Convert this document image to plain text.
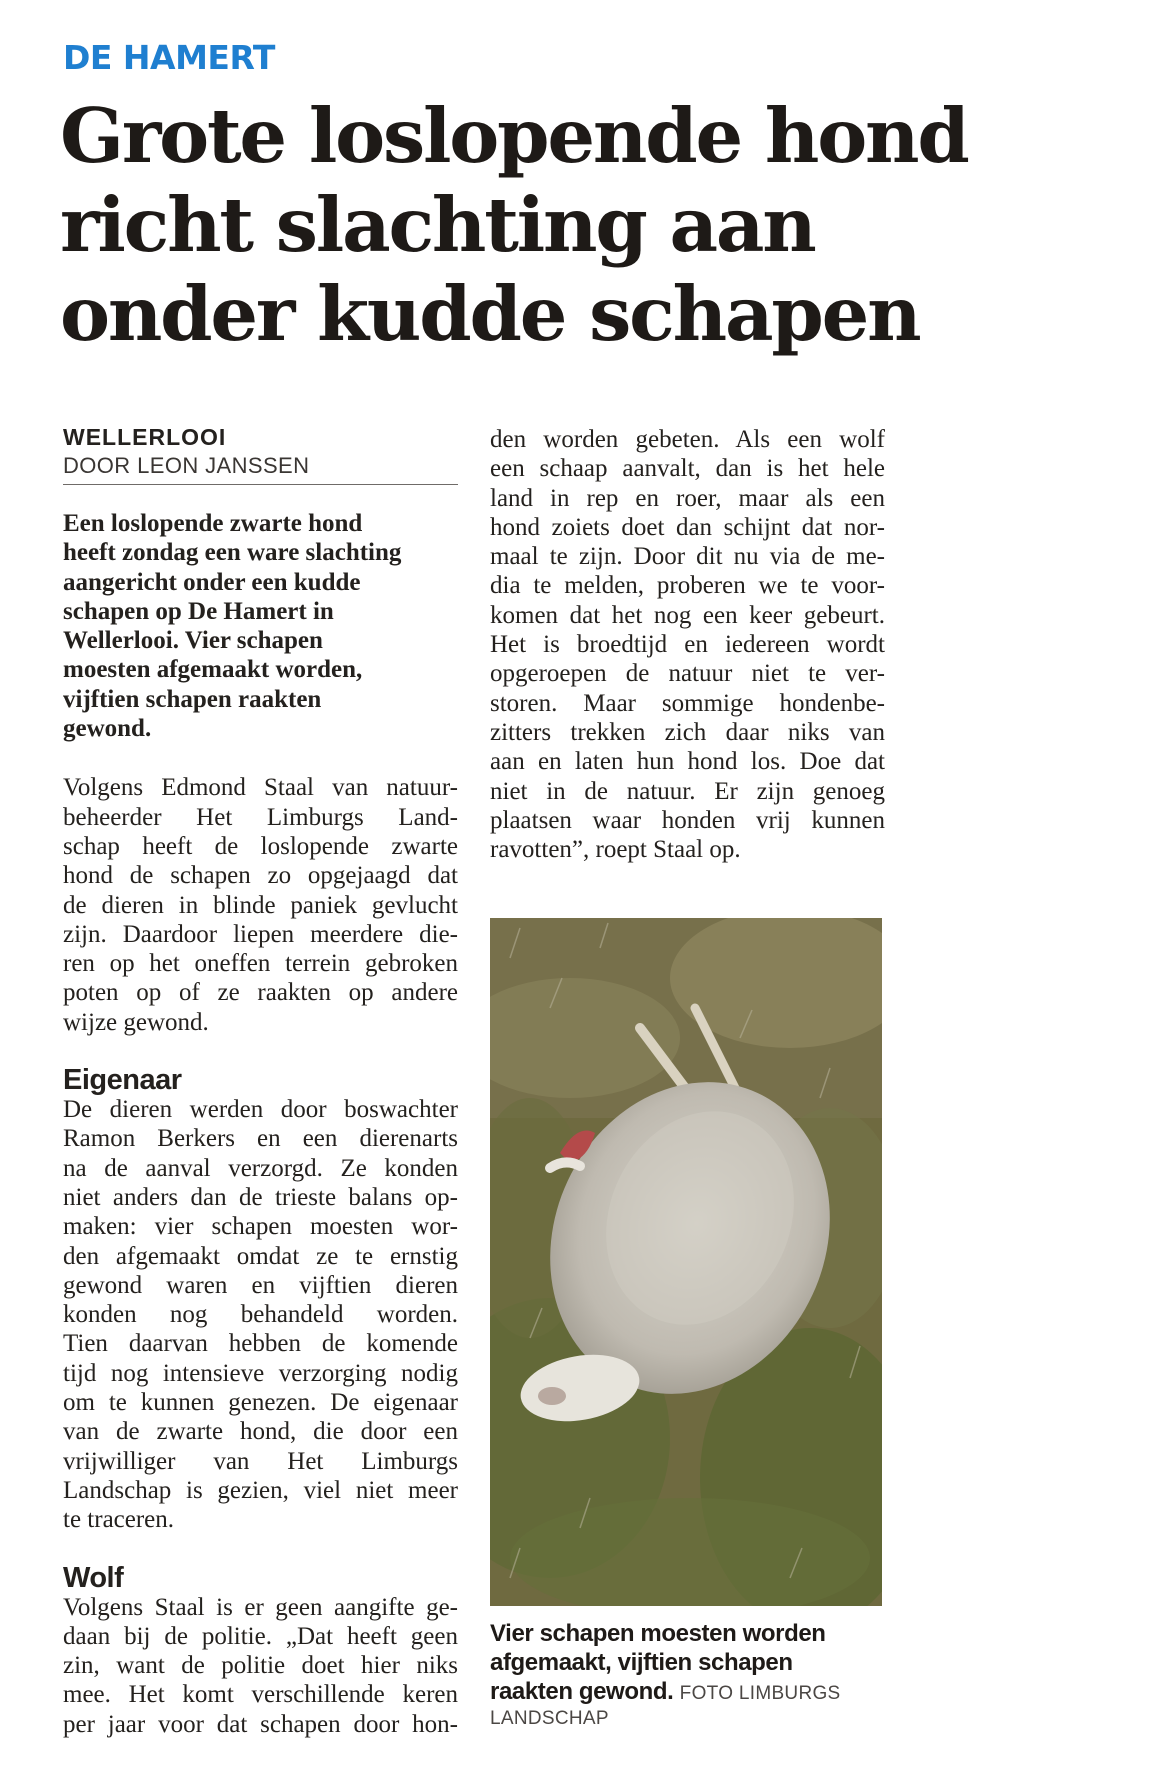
DE HAMERT
Grote loslopende hond
richt slachting aan
onder kudde schapen
WELLERLOOI
DOOR LEON JANSSEN
Een loslopende zwarte hond
heeft zondag een ware slachting
aangericht onder een kudde
schapen op De Hamert in
Wellerlooi. Vier schapen
moesten afgemaakt worden,
vijftien schapen raakten
gewond.
Volgens Edmond Staal van natuur-
beheerder Het Limburgs Land-
schap heeft de loslopende zwarte
hond de schapen zo opgejaagd dat
de dieren in blinde paniek gevlucht
zijn. Daardoor liepen meerdere die-
ren op het oneffen terrein gebroken
poten op of ze raakten op andere
wijze gewond.
Eigenaar
De dieren werden door boswachter
Ramon Berkers en een dierenarts
na de aanval verzorgd. Ze konden
niet anders dan de trieste balans op-
maken: vier schapen moesten wor-
den afgemaakt omdat ze te ernstig
gewond waren en vijftien dieren
konden nog behandeld worden.
Tien daarvan hebben de komende
tijd nog intensieve verzorging nodig
om te kunnen genezen. De eigenaar
van de zwarte hond, die door een
vrijwilliger van Het Limburgs
Landschap is gezien, viel niet meer
te traceren.
Wolf
Volgens Staal is er geen aangifte ge-
daan bij de politie. „Dat heeft geen
zin, want de politie doet hier niks
mee. Het komt verschillende keren
per jaar voor dat schapen door hon-
den worden gebeten. Als een wolf
een schaap aanvalt, dan is het hele
land in rep en roer, maar als een
hond zoiets doet dan schijnt dat nor-
maal te zijn. Door dit nu via de me-
dia te melden, proberen we te voor-
komen dat het nog een keer gebeurt.
Het is broedtijd en iedereen wordt
opgeroepen de natuur niet te ver-
storen. Maar sommige hondenbe-
zitters trekken zich daar niks van
aan en laten hun hond los. Doe dat
niet in de natuur. Er zijn genoeg
plaatsen waar honden vrij kunnen
ravotten”, roept Staal op.
Vier schapen moesten worden
afgemaakt, vijftien schapen
raakten gewond. FOTO LIMBURGS
LANDSCHAP
